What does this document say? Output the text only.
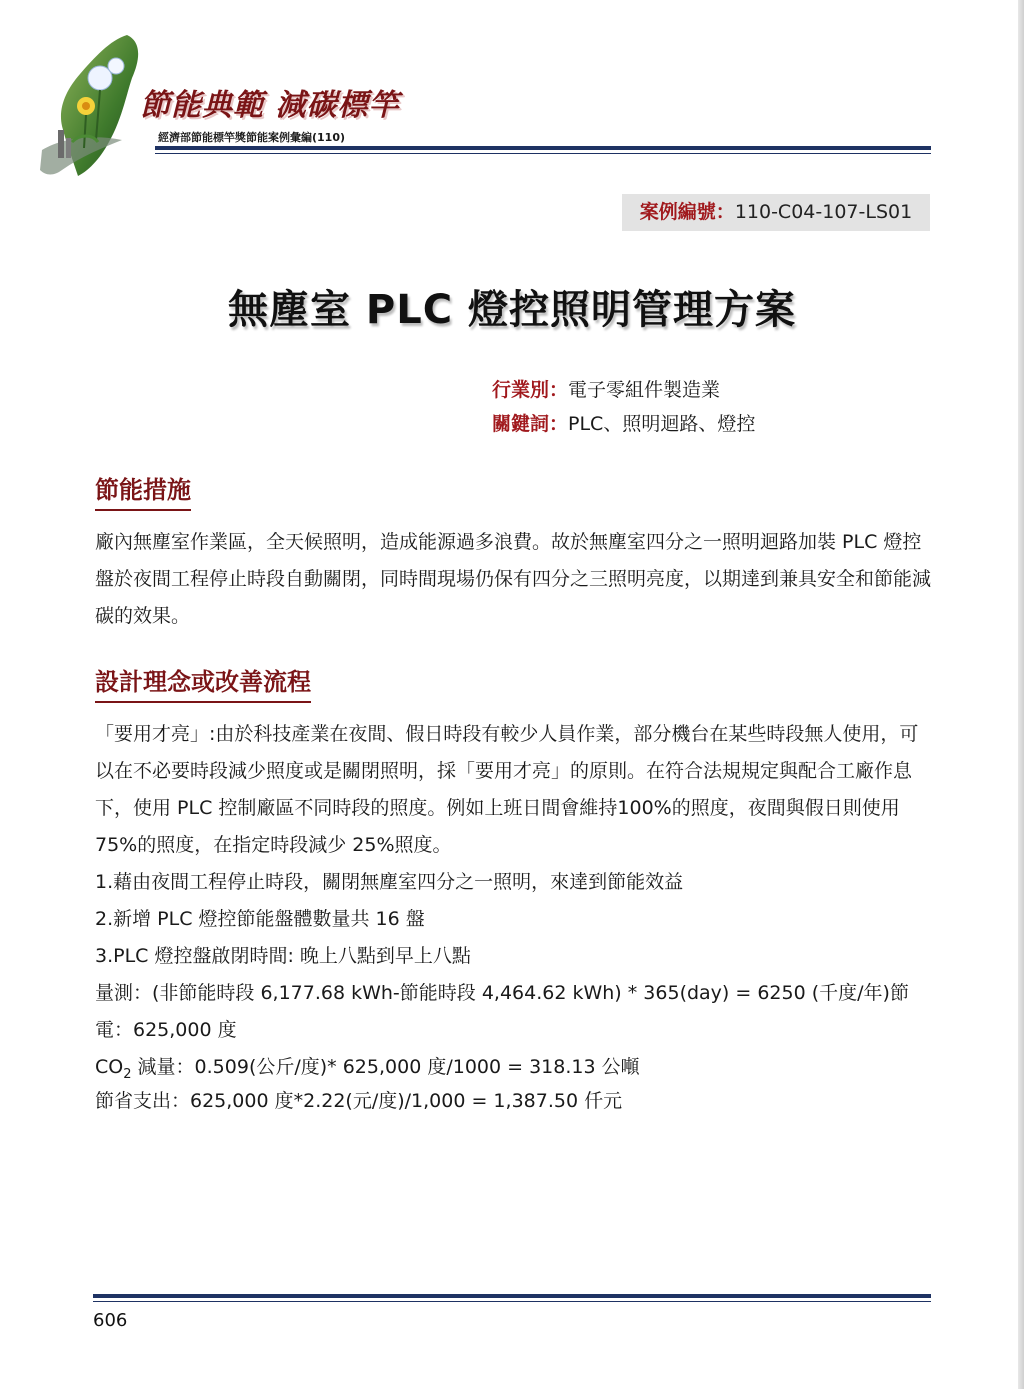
節能典範 減碳標竿
經濟部節能標竿獎節能案例彙編(110)
案例編號：110-C04-107-LS01
無塵室 PLC 燈控照明管理方案
行業別：電子零組件製造業
關鍵詞：PLC、照明迴路、燈控
節能措施
廠內無塵室作業區，全天候照明，造成能源過多浪費。故於無塵室四分之一照明迴路加裝 PLC 燈控盤於夜間工程停止時段自動關閉，同時間現場仍保有四分之三照明亮度，以期達到兼具安全和節能減碳的效果。
設計理念或改善流程
「要用才亮」:由於科技產業在夜間、假日時段有較少人員作業，部分機台在某些時段無人使用，可以在不必要時段減少照度或是關閉照明，採「要用才亮」的原則。在符合法規規定與配合工廠作息下，使用 PLC 控制廠區不同時段的照度。例如上班日間會維持100%的照度，夜間與假日則使用 75%的照度，在指定時段減少 25%照度。
1.藉由夜間工程停止時段，關閉無塵室四分之一照明，來達到節能效益
2.新增 PLC 燈控節能盤體數量共 16 盤
3.PLC 燈控盤啟閉時間: 晚上八點到早上八點
量測：(非節能時段 6,177.68 kWh-節能時段 4,464.62 kWh) * 365(day) = 6250 (千度/年)節電：625,000 度
$CO_2$ 減量：0.509(公斤/度)* 625,000 度/1000 = 318.13 公噸
節省支出：625,000 度*2.22(元/度)/1,000 = 1,387.50 仟元
606
